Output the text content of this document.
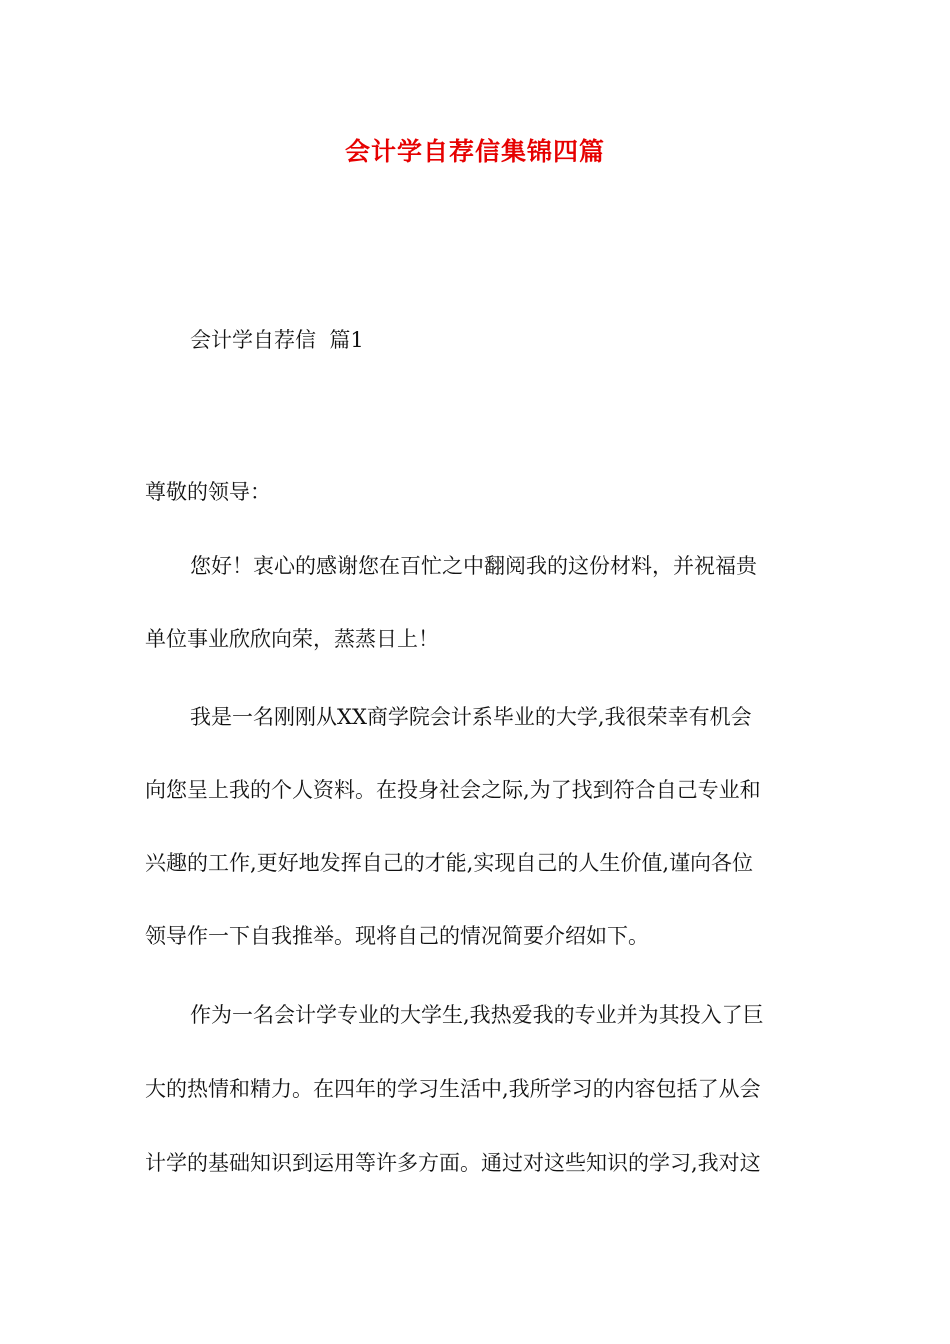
会计学自荐信集锦四篇

会计学自荐信  篇1

尊敬的领导：

您好！衷心的感谢您在百忙之中翻阅我的这份材料，并祝福贵
单位事业欣欣向荣，蒸蒸日上！
我是一名刚刚从XX商学院会计系毕业的大学,我很荣幸有机会
向您呈上我的个人资料。在投身社会之际,为了找到符合自己专业和
兴趣的工作,更好地发挥自己的才能,实现自己的人生价值,谨向各位
领导作一下自我推举。现将自己的情况简要介绍如下。
作为一名会计学专业的大学生,我热爱我的专业并为其投入了巨
大的热情和精力。在四年的学习生活中,我所学习的内容包括了从会
计学的基础知识到运用等许多方面。通过对这些知识的学习,我对这
